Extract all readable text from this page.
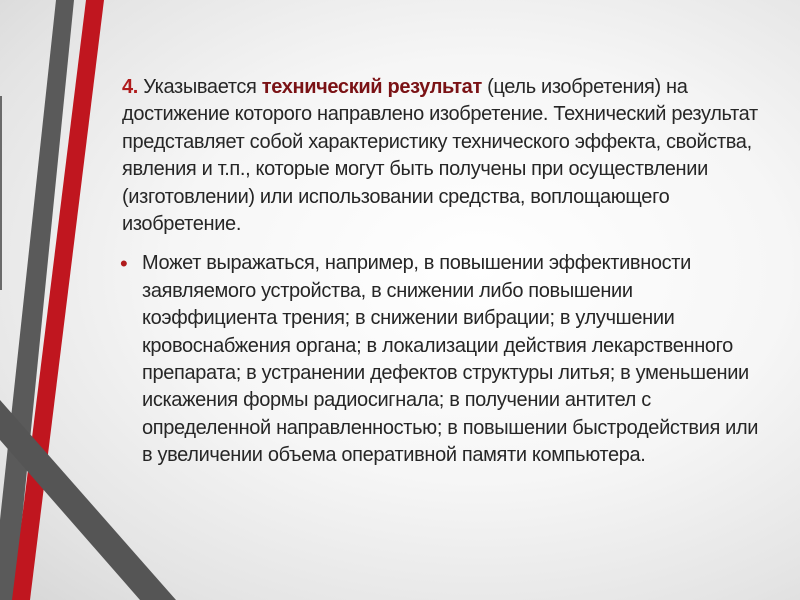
4. Указывается технический результат (цель изобретения) на достижение которого направлено изобретение. Технический результат представляет собой характеристику технического эффекта, свойства, явления и т.п., которые могут быть получены при осуществлении (изготовлении) или использовании средства, воплощающего изобретение.

• Может выражаться, например, в повышении эффективности заявляемого устройства, в снижении либо повышении коэффициента трения; в снижении вибрации; в улучшении кровоснабжения органа; в локализации действия лекарственного препарата; в устранении дефектов структуры литья; в уменьшении искажения формы радиосигнала; в получении антител с определенной направленностью; в повышении быстродействия или в увеличении объема оперативной памяти компьютера.
